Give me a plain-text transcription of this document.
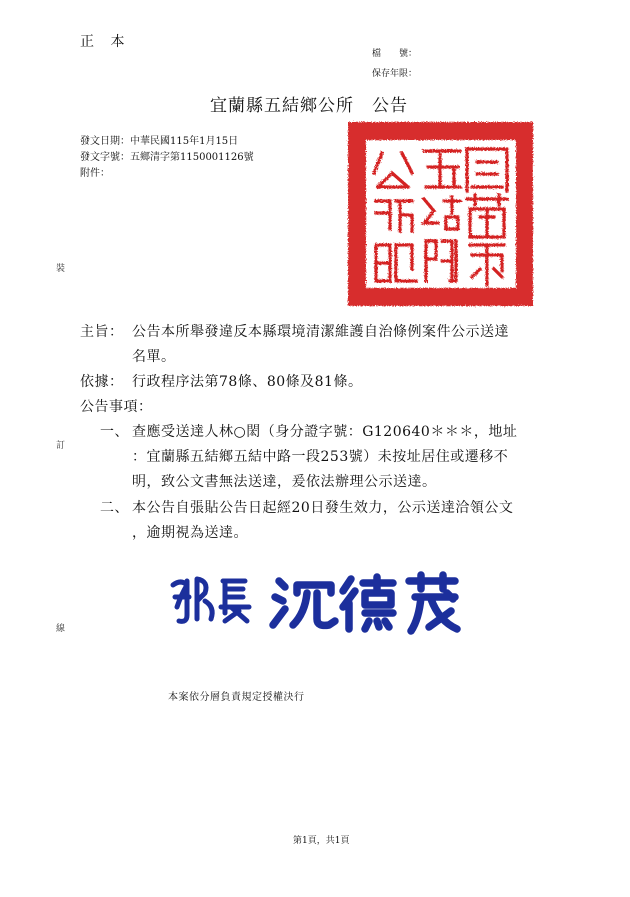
正 本
檔　　號：
保存年限：
宜蘭縣五結鄉公所　公告
發文日期：中華民國115年1月15日
發文字號：五鄉清字第1150001126號
附件：
裝
訂
線
主旨： 公告本所舉發違反本縣環境清潔維護自治條例案件公示送達
名單。
依據： 行政程序法第78條、80條及81條。
公告事項：
一、 查應受送達人林○閎（身分證字號：G120640＊＊＊，地址
：宜蘭縣五結鄉五結中路一段253號）未按址居住或遷移不
明，致公文書無法送達，爰依法辦理公示送達。
二、 本公告自張貼公告日起經20日發生效力，公示送達洽領公文
，逾期視為送達。
本案依分層負責規定授權決行
第1頁，共1頁
